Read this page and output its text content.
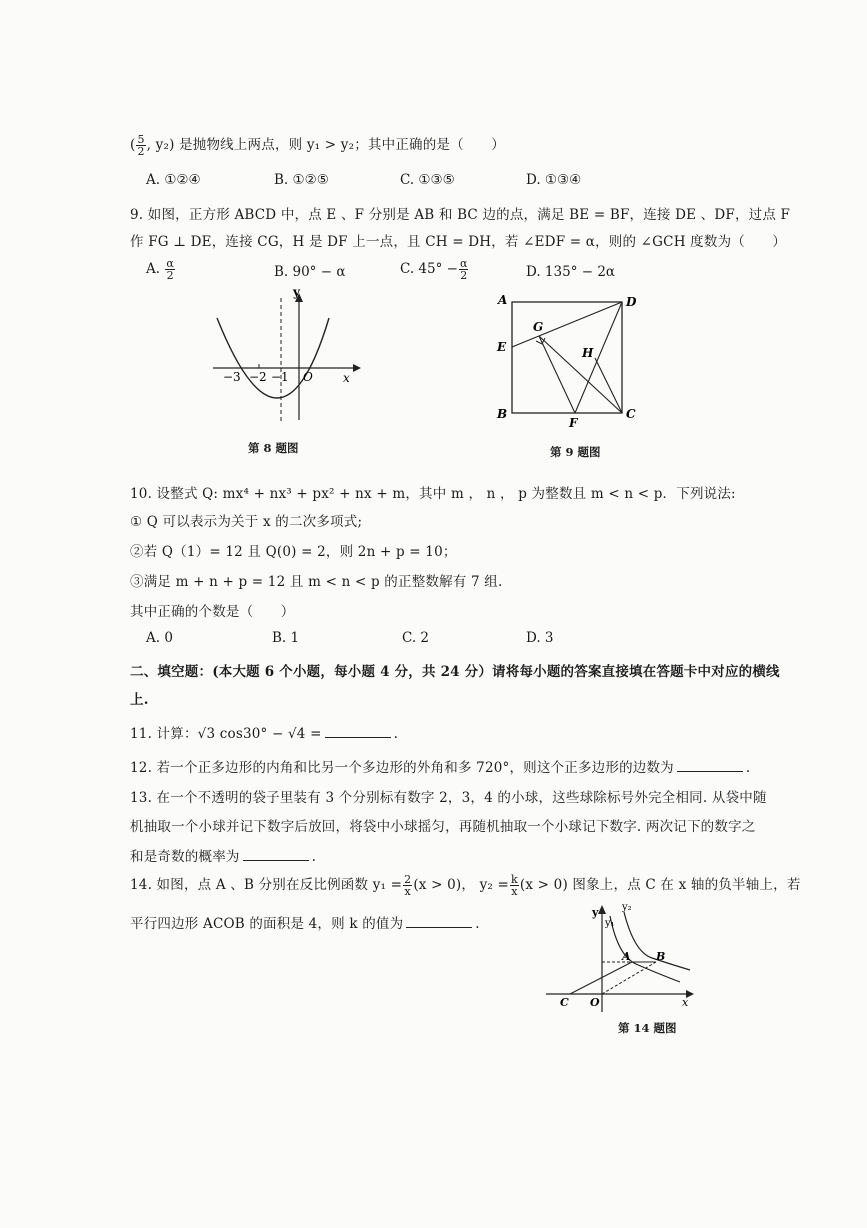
( $\frac{5}{2}$ , y₂) 是抛物线上两点，则 y₁ > y₂；其中正确的是（　　）
A. ①②④	B. ①②⑤	C. ①③⑤	D. ①③④
9. 如图，正方形 ABCD 中，点 E 、F 分别是 AB 和 BC 边的点，满足 BE = BF，连接 DE 、DF，过点 F
作 FG ⊥ DE，连接 CG，H 是 DF 上一点，且 CH = DH，若 ∠EDF = α，则的 ∠GCH 度数为（　　）
A. $\frac{\alpha}{2}$	B. 90° − α	C. $45^\circ - \frac{\alpha}{2}$	D. 135° − 2α
y
x
O
−3 −2 −1
第 8 题图
A	D
E
G
H
B
F
C
第 9 题图
10. 设整式 Q: mx⁴ + nx³ + px² + nx + m，其中 m ， n ， p 为整数且 m < n < p．下列说法:
① Q 可以表示为关于 x 的二次多项式;
②若 Q（1）= 12 且 Q(0) = 2，则 2n + p = 10；
③满足 m + n + p = 12 且 m < n < p 的正整数解有 7 组.
其中正确的个数是（　　）
A. 0	B. 1	C. 2	D. 3
二、填空题：(本大题 6 个小题，每小题 4 分，共 24 分）请将每小题的答案直接填在答题卡中对应的横线
上.
11. 计算：√3 cos30° − √4 =	.
12. 若一个正多边形的内角和比另一个多边形的外角和多 720°，则这个正多边形的边数为	.
13. 在一个不透明的袋子里装有 3 个分别标有数字 2，3，4 的小球，这些球除标号外完全相同. 从袋中随
机抽取一个小球并记下数字后放回，将袋中小球摇匀，再随机抽取一个小球记下数字. 两次记下的数字之
和是奇数的概率为	.
14. 如图，点 A 、B 分别在反比例函数 $y_1 = \frac{2}{x} (x > 0)$， $y_2 = \frac{k}{x} (x > 0)$ 图象上，点 C 在 x 轴的负半轴上，若
平行四边形 ACOB 的面积是 4，则 k 的值为	.
y
y₁
y₂
A B
C O	x
第 14 题图
